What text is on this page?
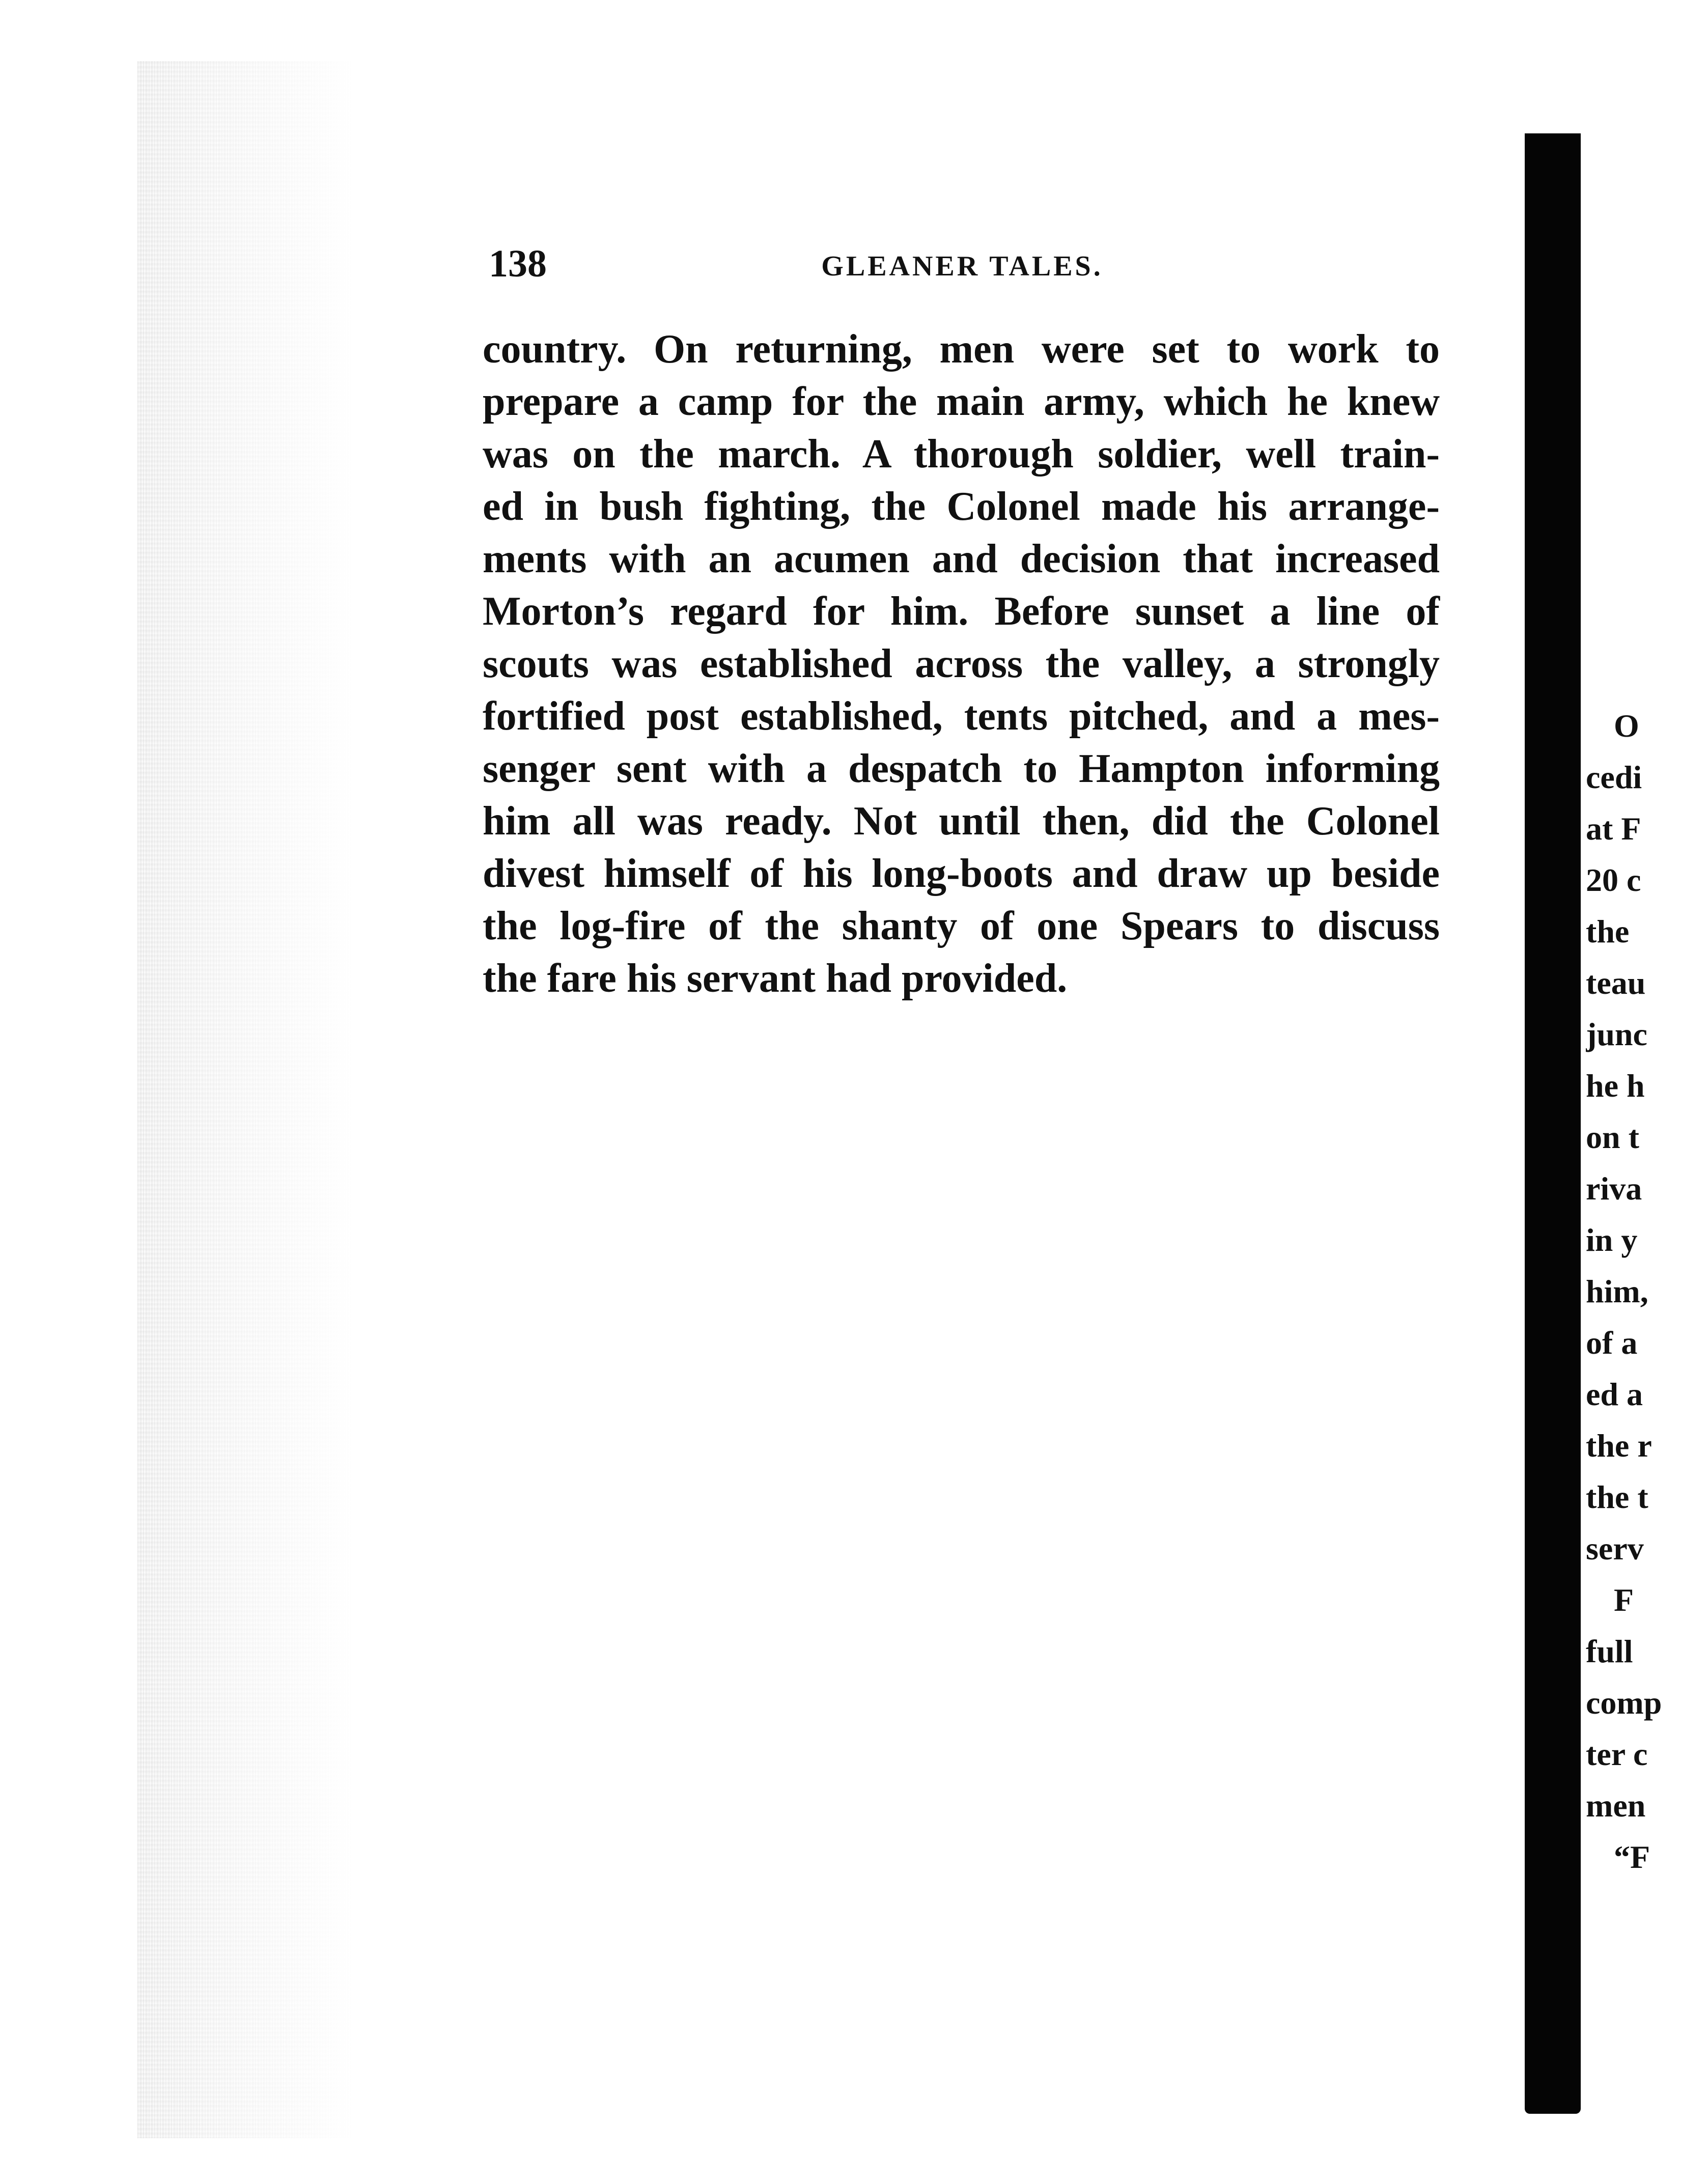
138	GLEANER TALES.
country. On returning, men were set to work to
prepare a camp for the main army, which he knew
was on the march. A thorough soldier, well train-
ed in bush fighting, the Colonel made his arrange-
ments with an acumen and decision that increased
Morton’s regard for him. Before sunset a line of
scouts was established across the valley, a strongly
fortified post established, tents pitched, and a mes-
senger sent with a despatch to Hampton informing
him all was ready. Not until then, did the Colonel
divest himself of his long-boots and draw up beside
the log-fire of the shanty of one Spears to discuss
the fare his servant had provided.
O
cedi
at F
20 c
the
teau
junc
he h
on t
riva
in y
him,
of a
ed a
the r
the t
serv
F
full
comp
ter c
men
“F
